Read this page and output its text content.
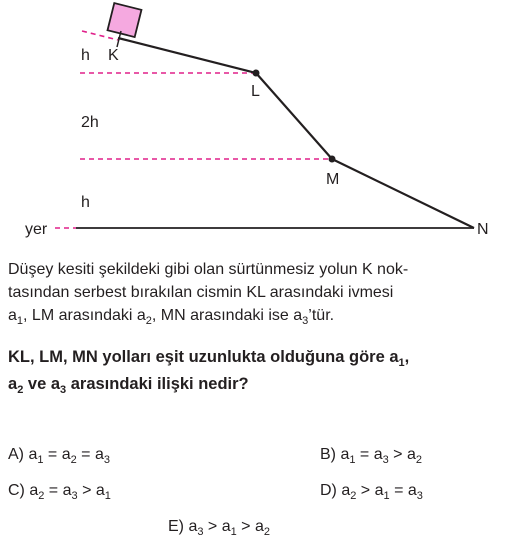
K
L
M
N
h
2h
h
yer
Düşey kesiti şekildeki gibi olan sürtünmesiz yolun K nok-
tasından serbest bırakılan cismin KL arasındaki ivmesi
$a_1$, LM arasındaki $a_2$, MN arasındaki ise $a_3’tür$.
KL, LM, MN yolları eşit uzunlukta olduğuna göre $a_1$,
$a_2$ ve $a_3$ arasındaki ilişki nedir?
A) $a_1 = a_2 = a_3$	B) $a_1 = a_3 > a_2$
C) $a_2 = a_3 > a_1$	D) $a_2 > a_1 = a_3$
E) $a_3 > a_1 > a_2$
